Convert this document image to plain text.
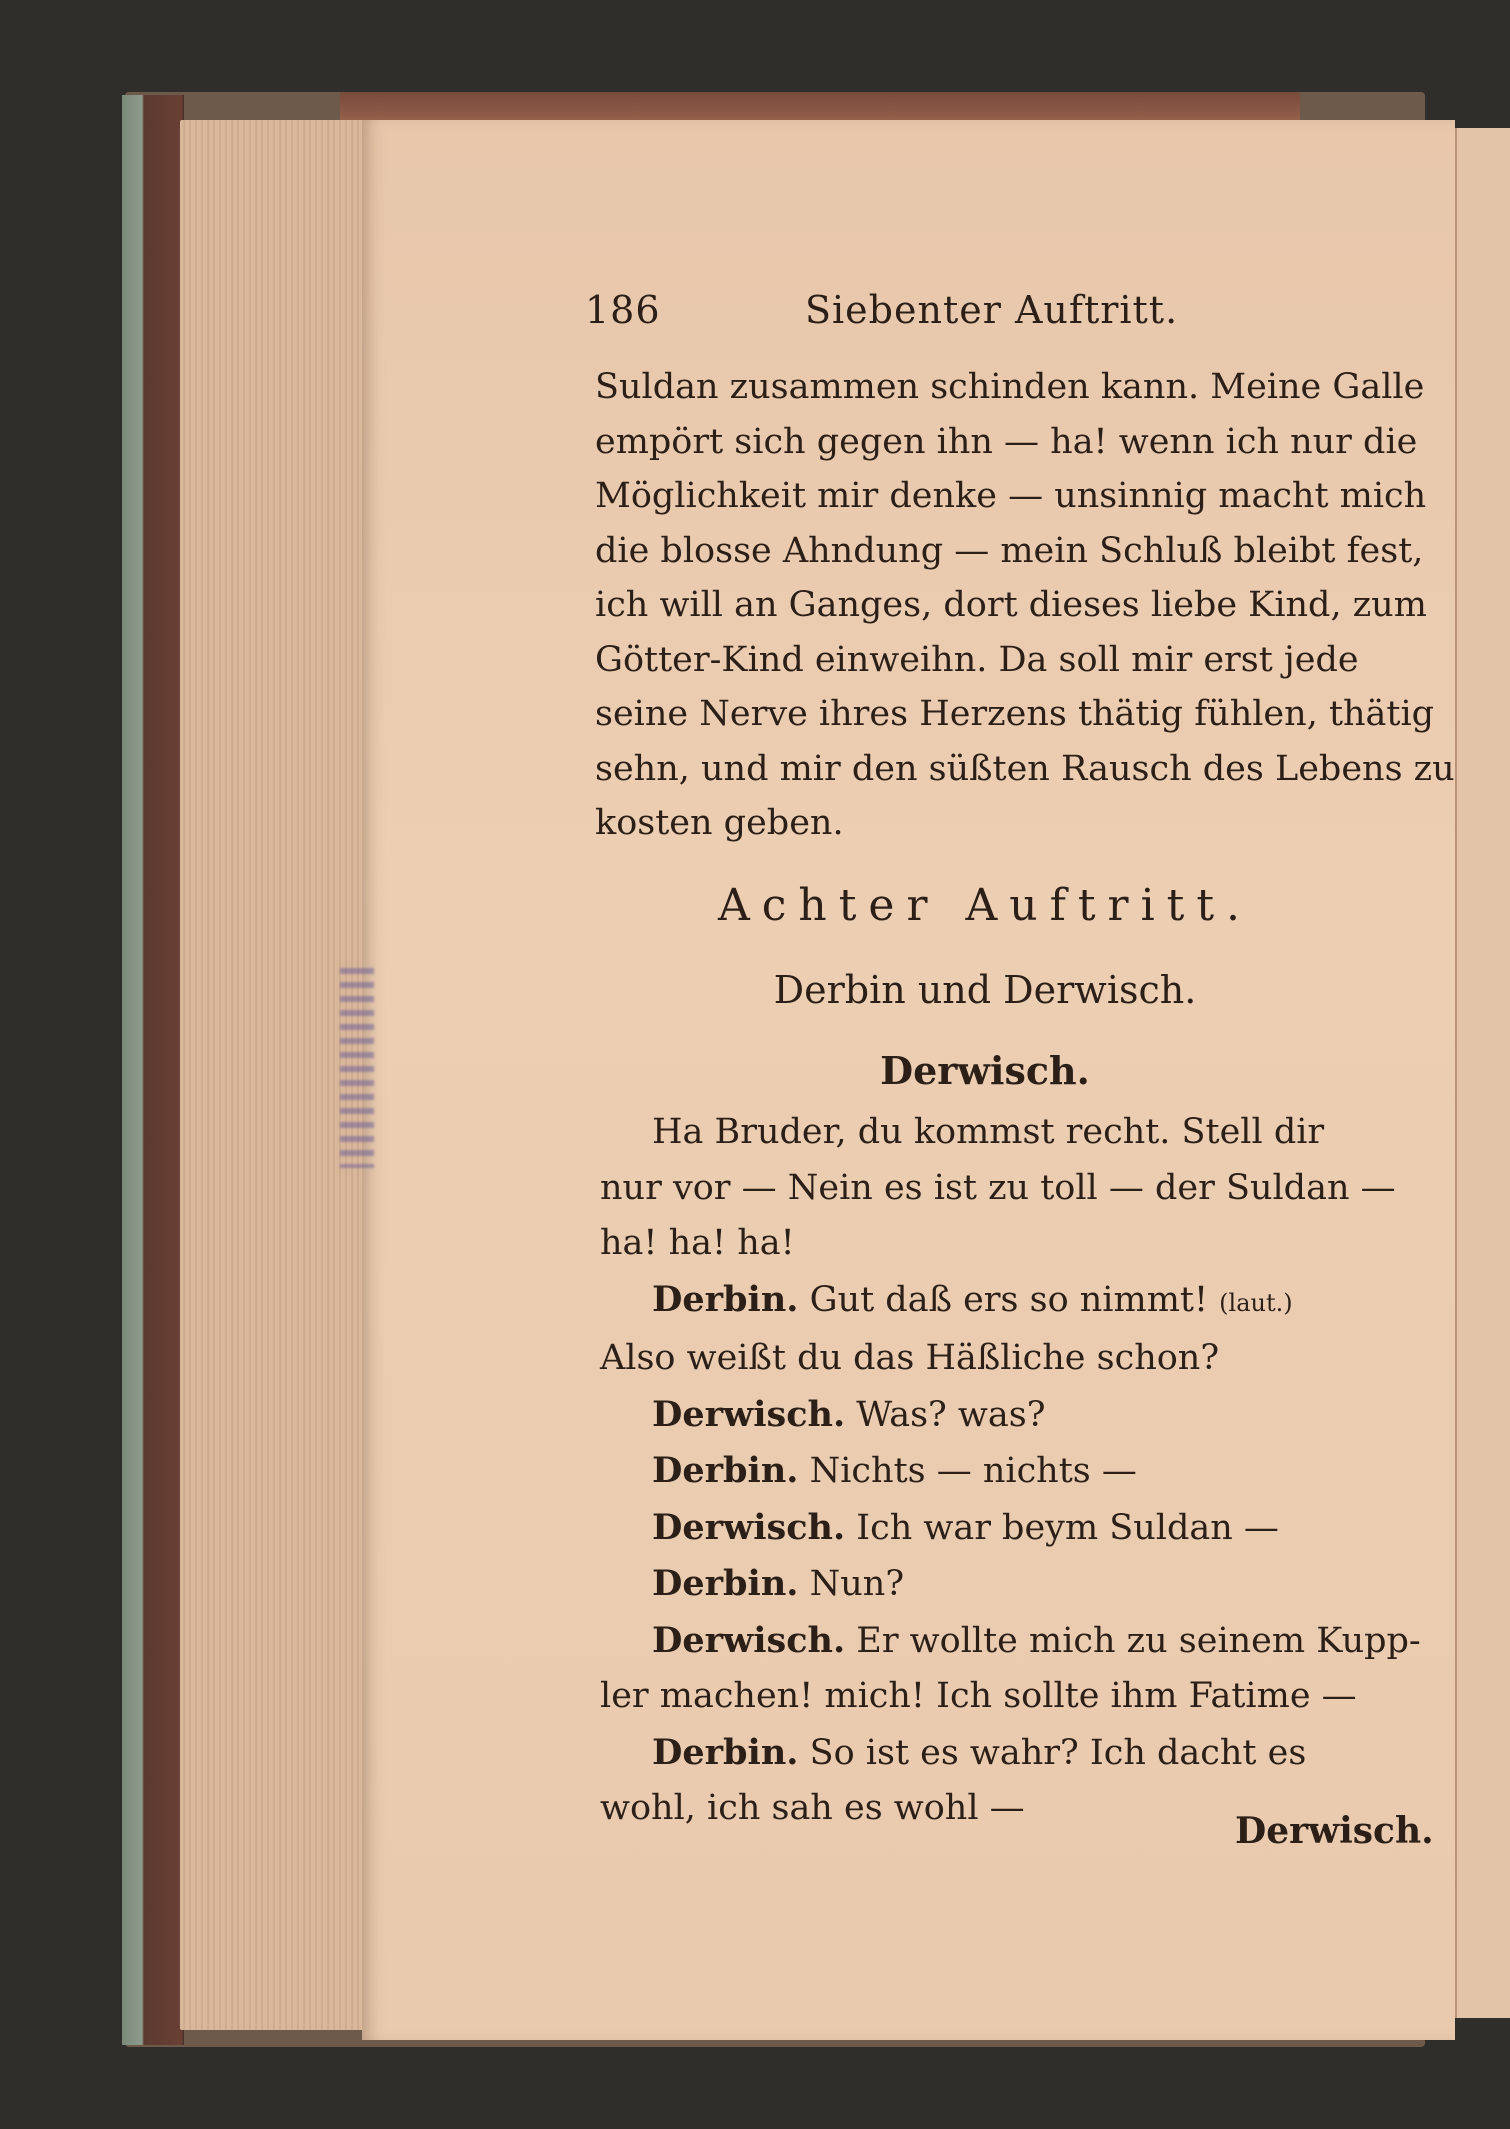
186	Siebenter Auftritt.
Suldan zusammen schinden kann. Meine Galle
empört sich gegen ihn — ha! wenn ich nur die
Möglichkeit mir denke — unsinnig macht mich
die blosse Ahndung — mein Schluß bleibt fest,
ich will an Ganges, dort dieses liebe Kind, zum
Götter-Kind einweihn. Da soll mir erst jede
seine Nerve ihres Herzens thätig fühlen, thätig
sehn, und mir den süßten Rausch des Lebens zu
kosten geben.
Achter Auftritt.
Derbin und Derwisch.
Derwisch.
Ha Bruder, du kommst recht. Stell dir
nur vor — Nein es ist zu toll — der Suldan —
ha! ha! ha!
Derbin. Gut daß ers so nimmt! (laut.)
Also weißt du das Häßliche schon?
Derwisch. Was? was?
Derbin. Nichts — nichts —
Derwisch. Ich war beym Suldan —
Derbin. Nun?
Derwisch. Er wollte mich zu seinem Kupp-
ler machen! mich! Ich sollte ihm Fatime —
Derbin. So ist es wahr? Ich dacht es
wohl, ich sah es wohl —
Derwisch.
